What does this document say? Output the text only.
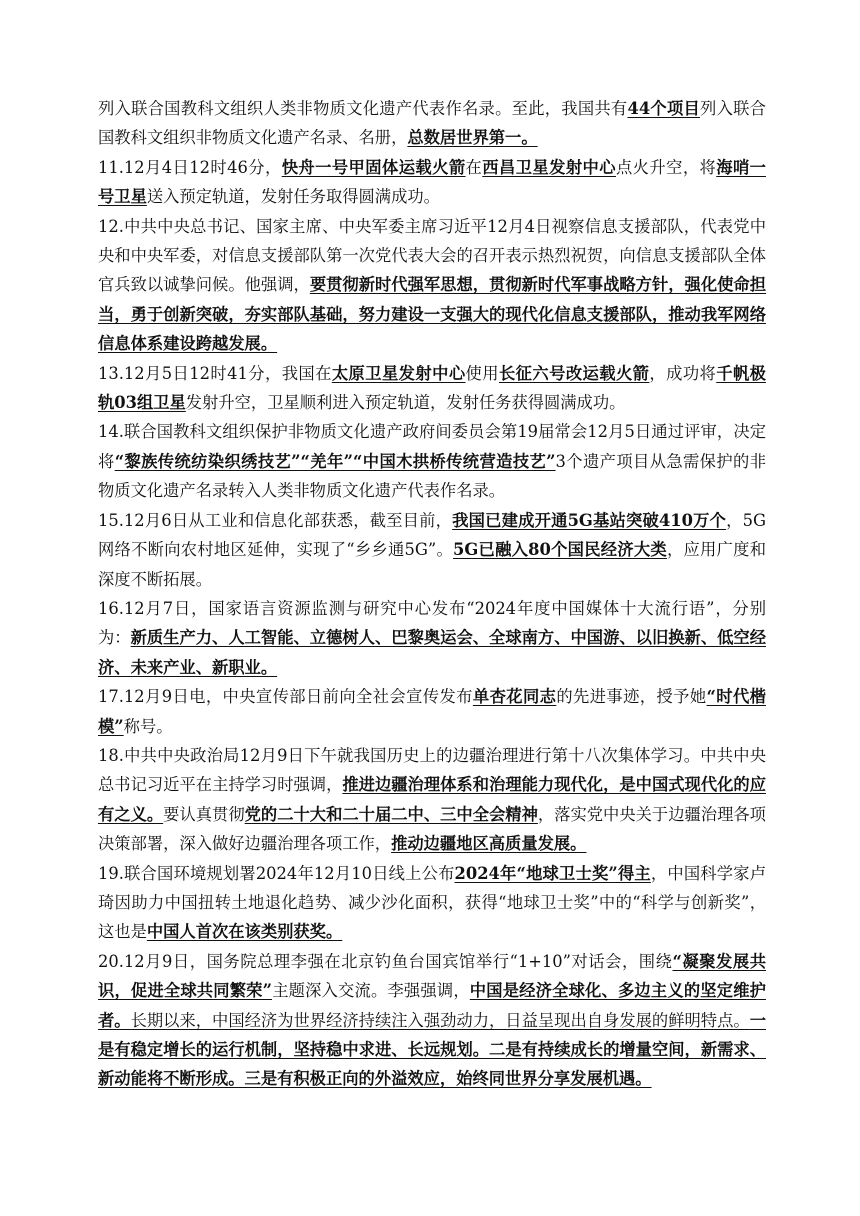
列入联合国教科文组织人类非物质文化遗产代表作名录。至此，我国共有44个项目列入联合国教科文组织非物质文化遗产名录、名册，总数居世界第一。

11.12月4日12时46分，快舟一号甲固体运载火箭在西昌卫星发射中心点火升空，将海哨一号卫星送入预定轨道，发射任务取得圆满成功。

12.中共中央总书记、国家主席、中央军委主席习近平12月4日视察信息支援部队，代表党中央和中央军委，对信息支援部队第一次党代表大会的召开表示热烈祝贺，向信息支援部队全体官兵致以诚挚问候。他强调，要贯彻新时代强军思想，贯彻新时代军事战略方针，强化使命担当，勇于创新突破，夯实部队基础，努力建设一支强大的现代化信息支援部队，推动我军网络信息体系建设跨越发展。

13.12月5日12时41分，我国在太原卫星发射中心使用长征六号改运载火箭，成功将千帆极轨03组卫星发射升空，卫星顺利进入预定轨道，发射任务获得圆满成功。

14.联合国教科文组织保护非物质文化遗产政府间委员会第19届常会12月5日通过评审，决定将“黎族传统纺染织绣技艺”“羌年”“中国木拱桥传统营造技艺”3个遗产项目从急需保护的非物质文化遗产名录转入人类非物质文化遗产代表作名录。

15.12月6日从工业和信息化部获悉，截至目前，我国已建成开通5G基站突破410万个，5G网络不断向农村地区延伸，实现了“乡乡通5G”。5G已融入80个国民经济大类，应用广度和深度不断拓展。

16.12月7日，国家语言资源监测与研究中心发布“2024年度中国媒体十大流行语”，分别为：新质生产力、人工智能、立德树人、巴黎奥运会、全球南方、中国游、以旧换新、低空经济、未来产业、新职业。

17.12月9日电，中央宣传部日前向全社会宣传发布单杏花同志的先进事迹，授予她“时代楷模”称号。

18.中共中央政治局12月9日下午就我国历史上的边疆治理进行第十八次集体学习。中共中央总书记习近平在主持学习时强调，推进边疆治理体系和治理能力现代化，是中国式现代化的应有之义。要认真贯彻党的二十大和二十届二中、三中全会精神，落实党中央关于边疆治理各项决策部署，深入做好边疆治理各项工作，推动边疆地区高质量发展。

19.联合国环境规划署2024年12月10日线上公布2024年“地球卫士奖”得主，中国科学家卢琦因助力中国扭转土地退化趋势、减少沙化面积，获得“地球卫士奖”中的“科学与创新奖”，这也是中国人首次在该类别获奖。

20.12月9日，国务院总理李强在北京钓鱼台国宾馆举行“1+10”对话会，围绕“凝聚发展共识，促进全球共同繁荣”主题深入交流。李强强调，中国是经济全球化、多边主义的坚定维护者。长期以来，中国经济为世界经济持续注入强劲动力，日益呈现出自身发展的鲜明特点。一是有稳定增长的运行机制，坚持稳中求进、长远规划。二是有持续成长的增量空间，新需求、新动能将不断形成。三是有积极正向的外溢效应，始终同世界分享发展机遇。
